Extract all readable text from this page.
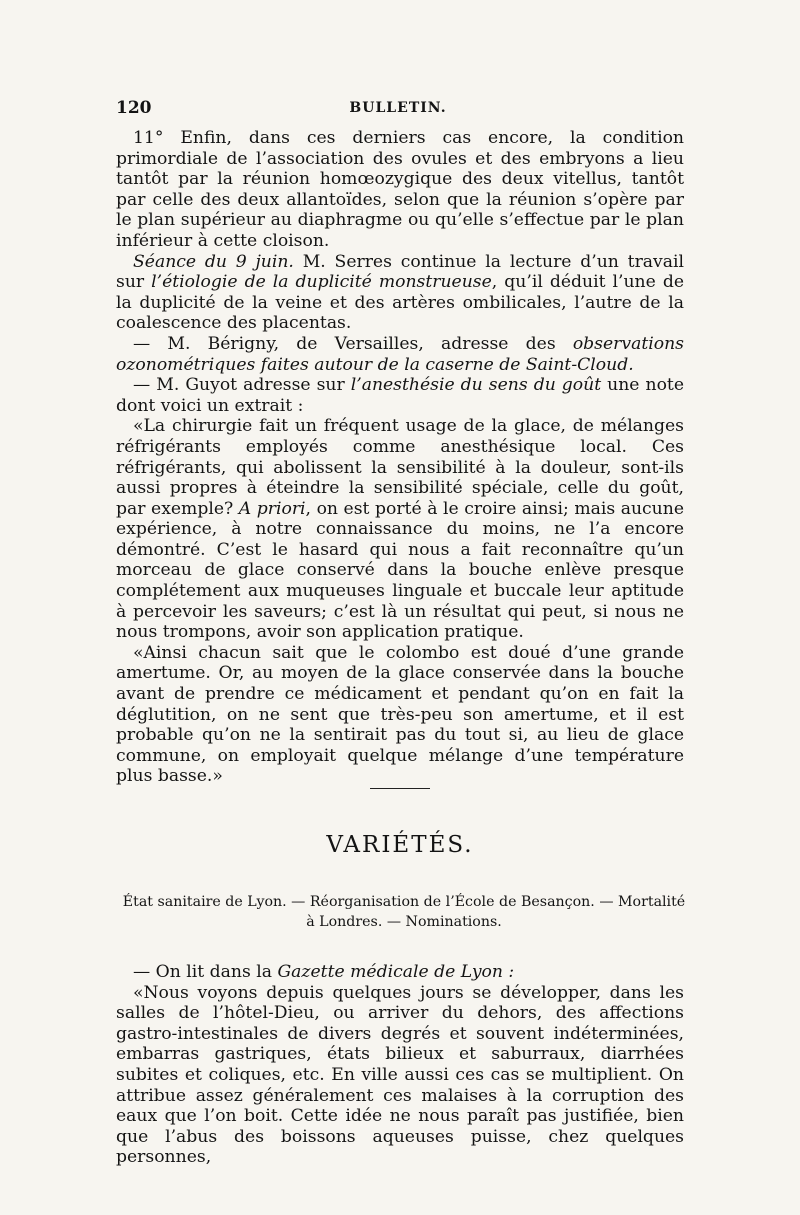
120	BULLETIN.

11° Enfin, dans ces derniers cas encore, la condition primordiale de l’association des ovules et des embryons a lieu tantôt par la réunion homœozygique des deux vitellus, tantôt par celle des deux allantoïdes, selon que la réunion s’opère par le plan supérieur au diaphragme ou qu’elle s’effectue par le plan inférieur à cette cloison.

Séance du 9 juin. M. Serres continue la lecture d’un travail sur l’étiologie de la duplicité monstrueuse, qu’il déduit l’une de la duplicité de la veine et des artères ombilicales, l’autre de la coalescence des placentas.

— M. Bérigny, de Versailles, adresse des observations ozonométriques faites autour de la caserne de Saint-Cloud.

— M. Guyot adresse sur l’anesthésie du sens du goût une note dont voici un extrait :

«La chirurgie fait un fréquent usage de la glace, de mélanges réfrigérants employés comme anesthésique local. Ces réfrigérants, qui abolissent la sensibilité à la douleur, sont-ils aussi propres à éteindre la sensibilité spéciale, celle du goût, par exemple? A priori, on est porté à le croire ainsi; mais aucune expérience, à notre connaissance du moins, ne l’a encore démontré. C’est le hasard qui nous a fait reconnaître qu’un morceau de glace conservé dans la bouche enlève presque complétement aux muqueuses linguale et buccale leur aptitude à percevoir les saveurs; c’est là un résultat qui peut, si nous ne nous trompons, avoir son application pratique.

«Ainsi chacun sait que le colombo est doué d’une grande amertume. Or, au moyen de la glace conservée dans la bouche avant de prendre ce médicament et pendant qu’on en fait la déglutition, on ne sent que très-peu son amertume, et il est probable qu’on ne la sentirait pas du tout si, au lieu de glace commune, on employait quelque mélange d’une température plus basse.»

VARIÉTÉS.
État sanitaire de Lyon. — Réorganisation de l’École de Besançon. — Mortalité à Londres. — Nominations.

— On lit dans la Gazette médicale de Lyon :

«Nous voyons depuis quelques jours se développer, dans les salles de l’hôtel-Dieu, ou arriver du dehors, des affections gastro-intestinales de divers degrés et souvent indéterminées, embarras gastriques, états bilieux et saburraux, diarrhées subites et coliques, etc. En ville aussi ces cas se multiplient. On attribue assez généralement ces malaises à la corruption des eaux que l’on boit. Cette idée ne nous paraît pas justifiée, bien que l’abus des boissons aqueuses puisse, chez quelques personnes,
